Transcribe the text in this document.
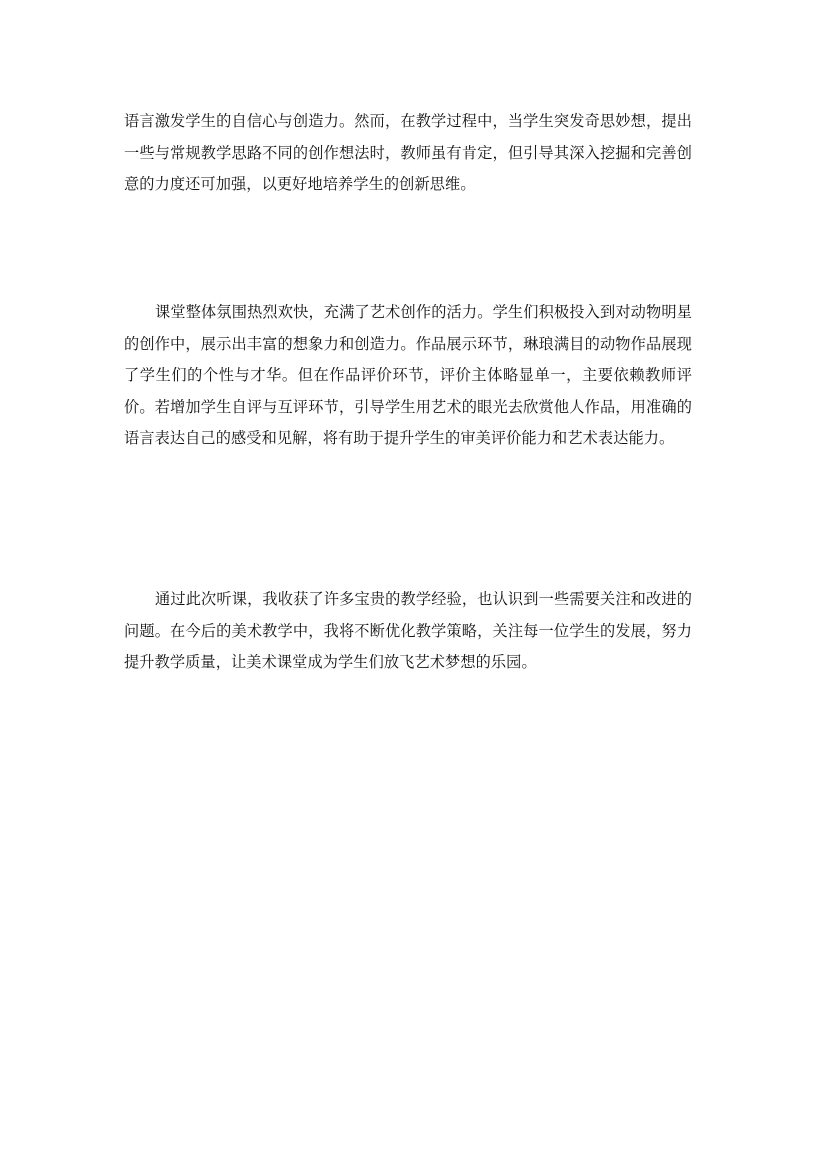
语言激发学生的自信心与创造力。然而，在教学过程中，当学生突发奇思妙想，提出一些与常规教学思路不同的创作想法时，教师虽有肯定，但引导其深入挖掘和完善创意的力度还可加强，以更好地培养学生的创新思维。

课堂整体氛围热烈欢快，充满了艺术创作的活力。学生们积极投入到对动物明星的创作中，展示出丰富的想象力和创造力。作品展示环节，琳琅满目的动物作品展现了学生们的个性与才华。但在作品评价环节，评价主体略显单一，主要依赖教师评价。若增加学生自评与互评环节，引导学生用艺术的眼光去欣赏他人作品，用准确的语言表达自己的感受和见解，将有助于提升学生的审美评价能力和艺术表达能力。

通过此次听课，我收获了许多宝贵的教学经验，也认识到一些需要关注和改进的问题。在今后的美术教学中，我将不断优化教学策略，关注每一位学生的发展，努力提升教学质量，让美术课堂成为学生们放飞艺术梦想的乐园。
